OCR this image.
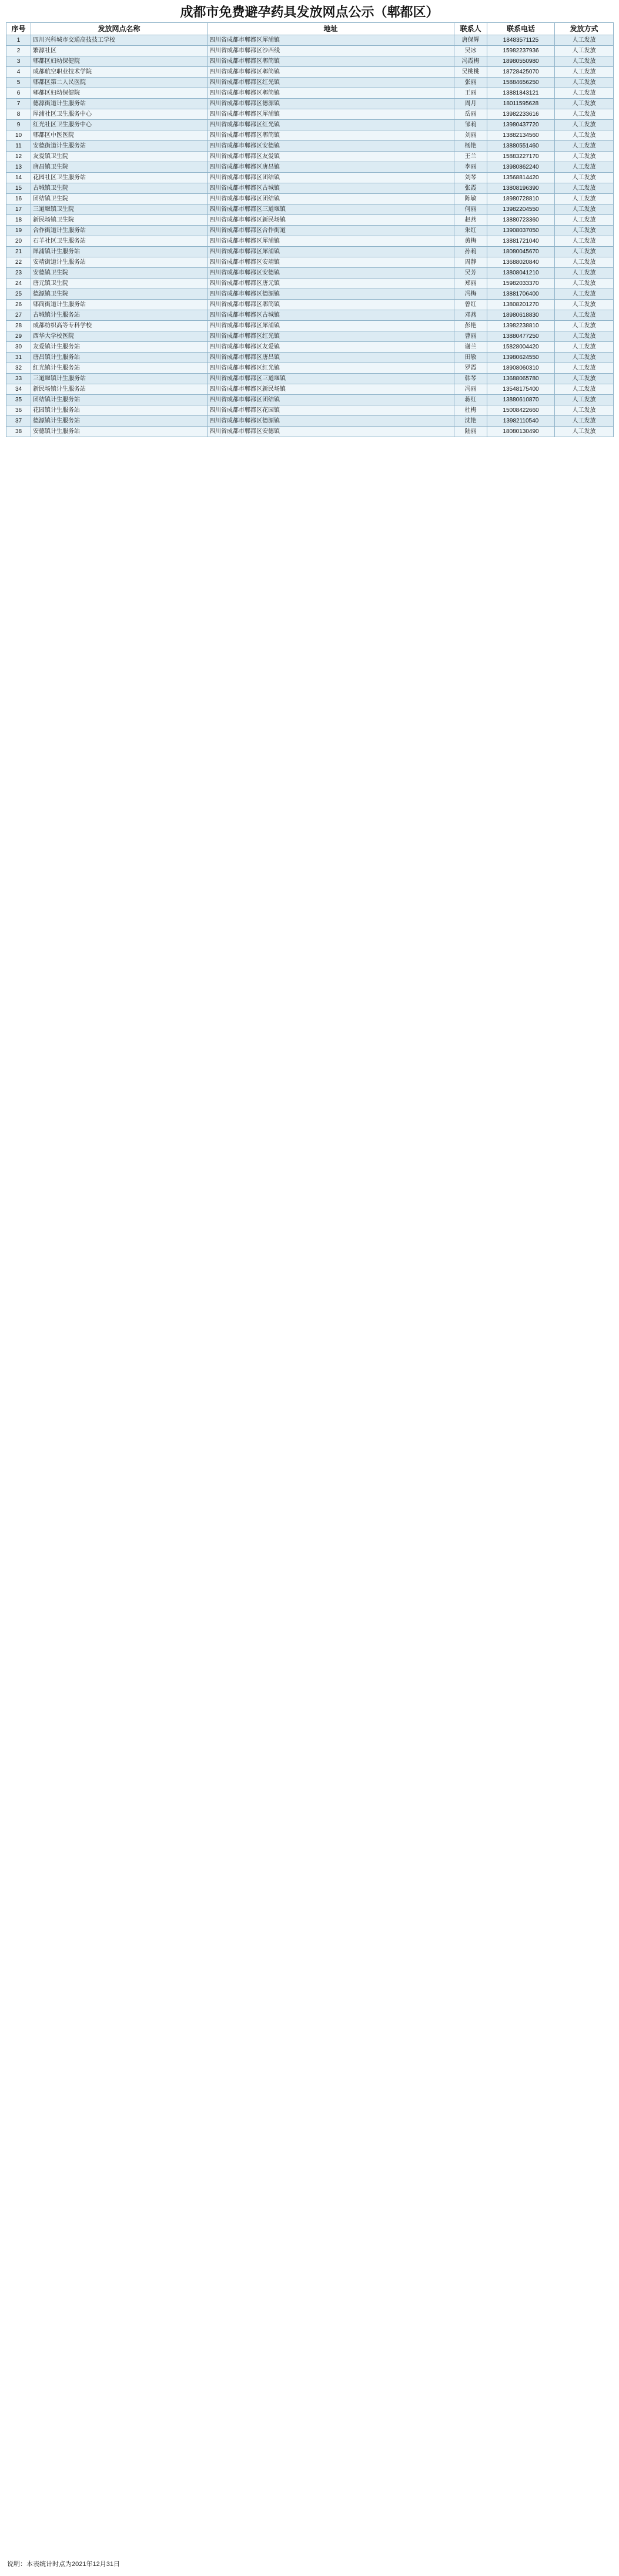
成都市免费避孕药具发放网点公示（郫都区）
序号	发放网点名称	地址	联系人	联系电话	发放方式
1	四川兴科城市交通高技技工学校	四川省成都市郫都区犀浦镇	唐保辉	18483571125	人工发放
2	繁源社区	四川省成都市郫都区沙西线	吴冰	15982237936	人工发放
3	郫都区妇幼保健院	四川省成都市郫都区郫筒镇	冯霞梅	18980550980	人工发放
4	成都航空职业技术学院	四川省成都市郫都区郫筒镇	吴桃桃	18728425070	人工发放
5	郫都区第二人民医院	四川省成都市郫都区红光镇	张丽	15884656250	人工发放
6	郫都区妇幼保健院	四川省成都市郫都区郫筒镇	王丽	13881843121	人工发放
7	德源街道计生服务站	四川省成都市郫都区德源镇	周月	18011595628	人工发放
8	犀浦社区卫生服务中心	四川省成都市郫都区犀浦镇	岳丽	13982233616	人工发放
9	红光社区卫生服务中心	四川省成都市郫都区红光镇	邹莉	13980437720	人工发放
10	郫都区中医医院	四川省成都市郫都区郫筒镇	刘丽	13882134560	人工发放
11	安德街道计生服务站	四川省成都市郫都区安德镇	杨艳	13880551460	人工发放
12	友爱镇卫生院	四川省成都市郫都区友爱镇	王兰	15883227170	人工发放
13	唐昌镇卫生院	四川省成都市郫都区唐昌镇	李丽	13980862240	人工发放
14	花园社区卫生服务站	四川省成都市郫都区团结镇	刘琴	13568814420	人工发放
15	古城镇卫生院	四川省成都市郫都区古城镇	张霞	13808196390	人工发放
16	团结镇卫生院	四川省成都市郫都区团结镇	陈敏	18980728810	人工发放
17	三道堰镇卫生院	四川省成都市郫都区三道堰镇	何丽	13982204550	人工发放
18	新民场镇卫生院	四川省成都市郫都区新民场镇	赵燕	13880723360	人工发放
19	合作街道计生服务站	四川省成都市郫都区合作街道	朱红	13908037050	人工发放
20	石羊社区卫生服务站	四川省成都市郫都区犀浦镇	黄梅	13881721040	人工发放
21	犀浦镇计生服务站	四川省成都市郫都区犀浦镇	孙莉	18080045670	人工发放
22	安靖街道计生服务站	四川省成都市郫都区安靖镇	周静	13688020840	人工发放
23	安德镇卫生院	四川省成都市郫都区安德镇	吴芳	13808041210	人工发放
24	唐元镇卫生院	四川省成都市郫都区唐元镇	郑丽	15982033370	人工发放
25	德源镇卫生院	四川省成都市郫都区德源镇	冯梅	13881706400	人工发放
26	郫筒街道计生服务站	四川省成都市郫都区郫筒镇	曾红	13808201270	人工发放
27	古城镇计生服务站	四川省成都市郫都区古城镇	邓燕	18980618830	人工发放
28	成都纺织高等专科学校	四川省成都市郫都区犀浦镇	彭艳	13982238810	人工发放
29	西华大学校医院	四川省成都市郫都区红光镇	曹丽	13880477250	人工发放
30	友爱镇计生服务站	四川省成都市郫都区友爱镇	谢兰	15828004420	人工发放
31	唐昌镇计生服务站	四川省成都市郫都区唐昌镇	田敏	13980624550	人工发放
32	红光镇计生服务站	四川省成都市郫都区红光镇	罗霞	18908060310	人工发放
33	三道堰镇计生服务站	四川省成都市郫都区三道堰镇	韩琴	13688065780	人工发放
34	新民场镇计生服务站	四川省成都市郫都区新民场镇	冯丽	13548175400	人工发放
35	团结镇计生服务站	四川省成都市郫都区团结镇	蒋红	13880610870	人工发放
36	花园镇计生服务站	四川省成都市郫都区花园镇	杜梅	15008422660	人工发放
37	德源镇计生服务站	四川省成都市郫都区德源镇	沈艳	13982110540	人工发放
38	安德镇计生服务站	四川省成都市郫都区安德镇	陆丽	18080130490	人工发放
说明：本表统计时点为2021年12月31日
